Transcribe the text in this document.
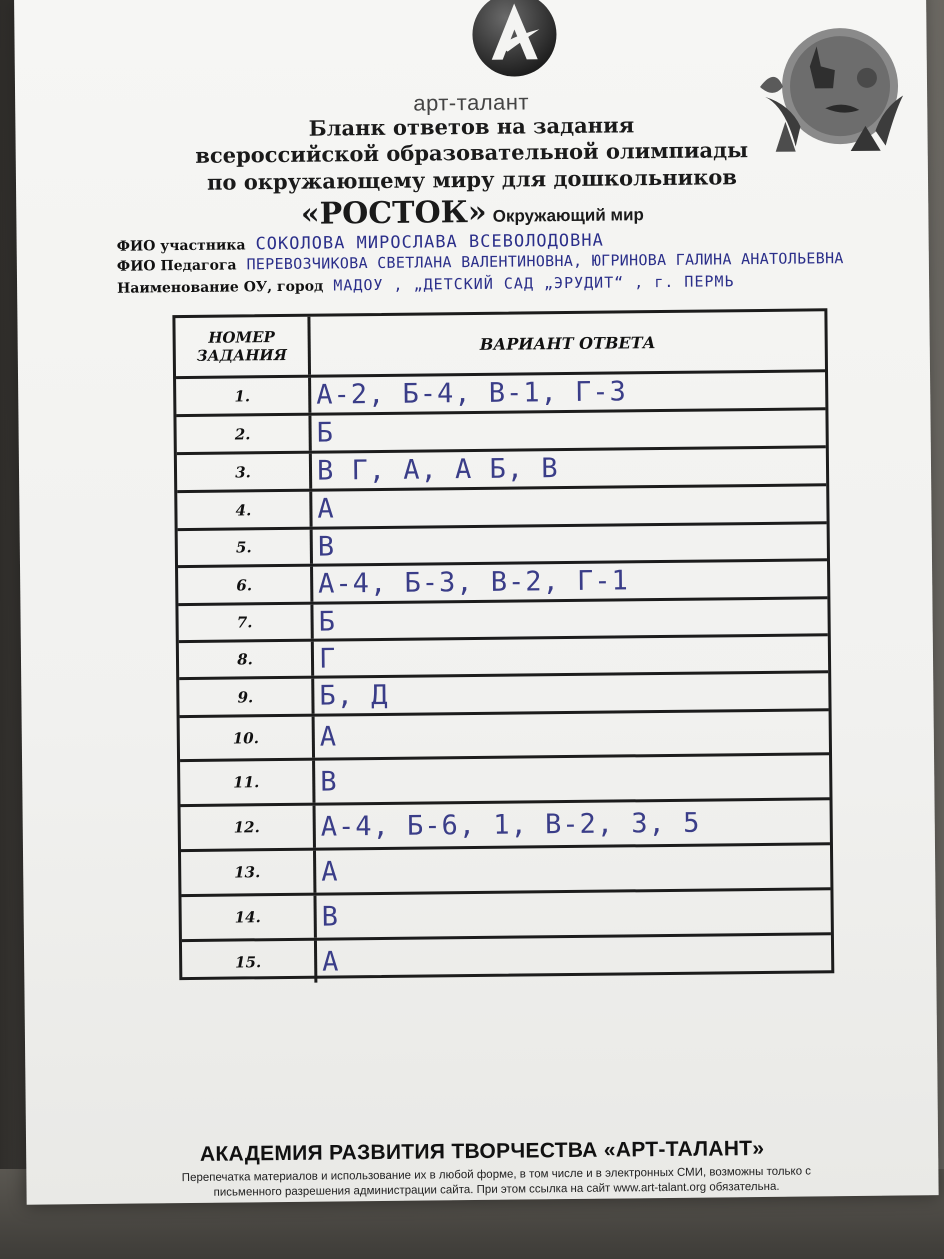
арт-талант
Бланк ответов на задания
всероссийской образовательной олимпиады
по окружающему миру для дошкольников
«РОСТОК» Окружающий мир
ФИО участника СОКОЛОВА МИРОСЛАВА ВСЕВОЛОДОВНА
ФИО Педагога ПЕРЕВОЗЧИКОВА СВЕТЛАНА ВАЛЕНТИНОВНА, ЮГРИНОВА ГАЛИНА АНАТОЛЬЕВНА
Наименование ОУ, город МАДОУ , „ДЕТСКИЙ САД „ЭРУДИТ“ , г. ПЕРМЬ
НОМЕР
ЗАДАНИЯ
ВАРИАНТ ОТВЕТА
1.	А-2, Б-4, В-1, Г-3
2.	Б
3.	В Г, А, А Б, В
4.	А
5.	В
6.	А-4, Б-3, В-2, Г-1
7.	Б
8.	Г
9.	Б, Д
10.	А
11.	В
12.	А-4, Б-6, 1, В-2, 3, 5
13.	А
14.	В
15.	А
АКАДЕМИЯ РАЗВИТИЯ ТВОРЧЕСТВА «АРТ-ТАЛАНТ»
Перепечатка материалов и использование их в любой форме, в том числе и в электронных СМИ, возможны только с
письменного разрешения администрации сайта. При этом ссылка на сайт www.art-talant.org обязательна.
